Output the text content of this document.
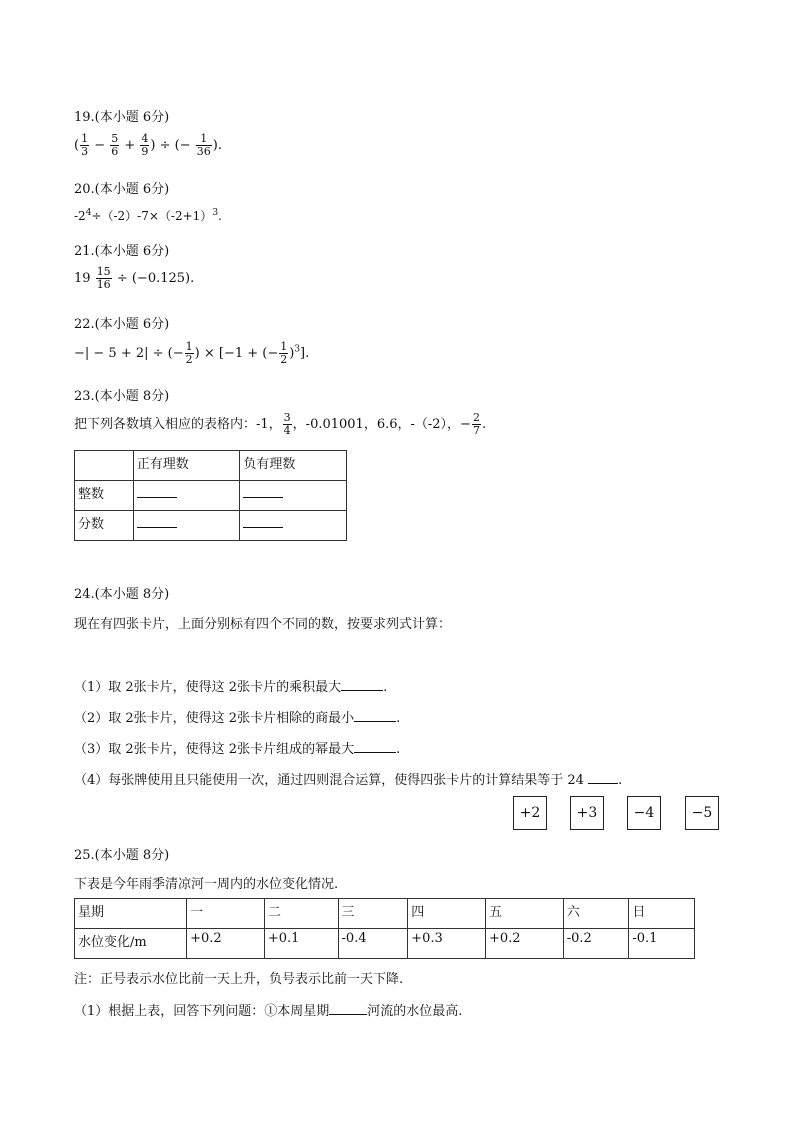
19.(本小题 6分)
( $\frac{1}{3} - \frac{5}{6} + \frac{4}{9}$ ) ÷ (− $\frac{1}{36}$ ).
20.(本小题 6分)
$-2^4\div(-2)-7\times(-2+1)^3$.
21.(本小题 6分)
$19 \frac{15}{16} \div (-0.125)$.
22.(本小题 6分)
−| − 5 + 2| ÷ (− $\frac{1}{2}$ ) × [−1 + (− $\frac{1}{2} )^3$].
23.(本小题 8分)
把下列各数填入相应的表格内：-1， $\frac{3}{4}$ ，-0.01001，6.6，-（-2），− $\frac{2}{7}$ .
	正有理数	负有理数
整数		
分数		
24.(本小题 8分)
现在有四张卡片，上面分别标有四个不同的数，按要求列式计算：
（1）取 2张卡片，使得这 2张卡片的乘积最大	.
（2）取 2张卡片，使得这 2张卡片相除的商最小	.
（3）取 2张卡片，使得这 2张卡片组成的幂最大	.
（4）每张牌使用且只能使用一次，通过四则混合运算，使得四张卡片的计算结果等于 24	.
+2	+3	−4	−5
25.(本小题 8分)
下表是今年雨季清凉河一周内的水位变化情况.
星期	一	二	三	四	五	六	日
水位变化/m	+0.2	+0.1	-0.4	+0.3	+0.2	-0.2	-0.1
注：正号表示水位比前一天上升，负号表示比前一天下降.
（1）根据上表，回答下列问题：①本周星期	河流的水位最高.
